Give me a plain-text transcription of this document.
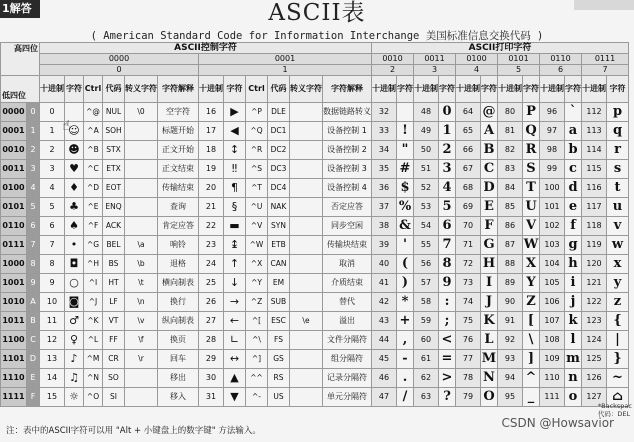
1解答	ASCII表
( American Standard Code for Information Interchange 美国标准信息交换代码 )
高四位
低四位		ASCII控制字符												ASCII打印字符											
		0000						0001						0010		0011		0100		0101		0110		0111	
		0						1						2		3		4		5		6		7	
		十进制	字符	Ctrl	代码	转义字符	字符解释	十进制	字符	Ctrl	代码	转义字符	字符解释	十进制	字符	十进制	字符	十进制	字符	十进制	字符	十进制	字符	十进制	字符
0000	0	0		^@	NUL	\0	空字符	16	▶	^P	DLE		数据链路转义	32		48	0	64	@	80	P	96	`	112	p
0001	1	1	☺	^A	SOH		标题开始	17	◀	^Q	DC1		设备控制 1	33	!	49	1	65	A	81	Q	97	a	113	q
0010	2	2	☻	^B	STX		正文开始	18	↕	^R	DC2		设备控制 2	34	"	50	2	66	B	82	R	98	b	114	r
0011	3	3	♥	^C	ETX		正文结束	19	‼	^S	DC3		设备控制 3	35	#	51	3	67	C	83	S	99	c	115	s
0100	4	4	♦	^D	EOT		传输结束	20	¶	^T	DC4		设备控制 4	36	$	52	4	68	D	84	T	100	d	116	t
0101	5	5	♣	^E	ENQ		查询	21	§	^U	NAK		否定应答	37	%	53	5	69	E	85	U	101	e	117	u
0110	6	6	♠	^F	ACK		肯定应答	22	▬	^V	SYN		同步空闲	38	&	54	6	70	F	86	V	102	f	118	v
0111	7	7	•	^G	BEL	\a	响铃	23	↨	^W	ETB		传输块结束	39	'	55	7	71	G	87	W	103	g	119	w
1000	8	8	◘	^H	BS	\b	退格	24	↑	^X	CAN		取消	40	(	56	8	72	H	88	X	104	h	120	x
1001	9	9	○	^I	HT	\t	横向制表	25	↓	^Y	EM		介质结束	41	)	57	9	73	I	89	Y	105	i	121	y
1010	A	10	◙	^J	LF	\n	换行	26	→	^Z	SUB		替代	42	*	58	:	74	J	90	Z	106	j	122	z
1011	B	11	♂	^K	VT	\v	纵向制表	27	←	^[	ESC	\e	溢出	43	+	59	;	75	K	91	[	107	k	123	{
1100	C	12	♀	^L	FF	\f	换页	28	∟	^\	FS		文件分隔符	44	,	60	<	76	L	92	\	108	l	124	|
1101	D	13	♪	^M	CR	\r	回车	29	↔	^]	GS		组分隔符	45	-	61	=	77	M	93	]	109	m	125	}
1110	E	14	♫	^N	SO		移出	30	▲	^^	RS		记录分隔符	46	.	62	>	78	N	94	^	110	n	126	~
1111	F	15	☼	^O	SI		移入	31	▼	^-	US		单元分隔符	47	/	63	?	79	O	95	_	111	o	127	⌂
☝
*Backspac
代码：DEL
注：表中的ASCII字符可以用 "Alt + 小键盘上的数字键" 方法输入。
CSDN @Howsavior
